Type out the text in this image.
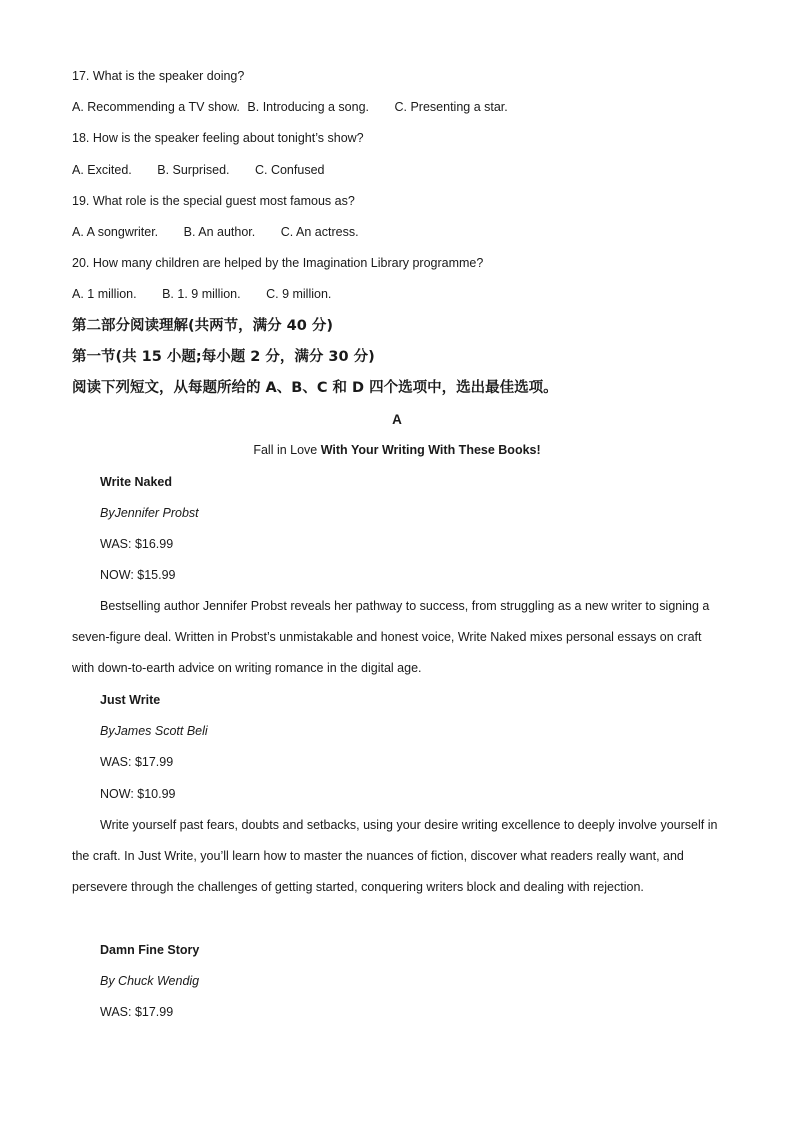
17. What is the speaker doing?
A. Recommending a TV show. B. Introducing a song. C. Presenting a star.
18. How is the speaker feeling about tonight’s show?
A. Excited. B. Surprised. C. Confused
19. What role is the special guest most famous as?
A. A songwriter. B. An author. C. An actress.
20. How many children are helped by the Imagination Library programme?
A. 1 million. B. 1. 9 million. C. 9 million.
第二部分阅读理解(共两节，满分 40 分)
第一节(共 15 小题;每小题 2 分，满分 30 分)
阅读下列短文，从每题所给的 A、B、C 和 D 四个选项中，选出最佳选项。
A
Fall in Love With Your Writing With These Books!
Write Naked
ByJennifer Probst
WAS: $16.99
NOW: $15.99

Bestselling author Jennifer Probst reveals her pathway to success, from struggling as a new writer to signing a seven-figure deal. Written in Probst’s unmistakable and honest voice, Write Naked mixes personal essays on craft with down-to-earth advice on writing romance in the digital age.

Just Write
ByJames Scott Beli
WAS: $17.99
NOW: $10.99

Write yourself past fears, doubts and setbacks, using your desire writing excellence to deeply involve yourself in the craft. In Just Write, you’ll learn how to master the nuances of fiction, discover what readers really want, and persevere through the challenges of getting started, conquering writers block and dealing with rejection.

Damn Fine Story
By Chuck Wendig
WAS: $17.99
